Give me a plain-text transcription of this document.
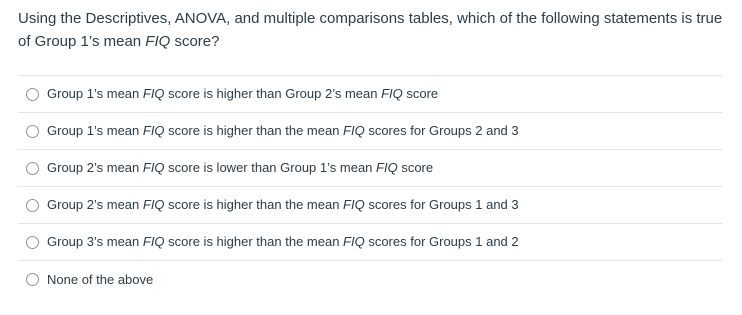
Using the Descriptives, ANOVA, and multiple comparisons tables, which of the following statements is true of Group 1’s mean FIQ score?
Group 1’s mean FIQ score is higher than Group 2’s mean FIQ score
Group 1’s mean FIQ score is higher than the mean FIQ scores for Groups 2 and 3
Group 2’s mean FIQ score is lower than Group 1’s mean FIQ score
Group 2’s mean FIQ score is higher than the mean FIQ scores for Groups 1 and 3
Group 3’s mean FIQ score is higher than the mean FIQ scores for Groups 1 and 2
None of the above
